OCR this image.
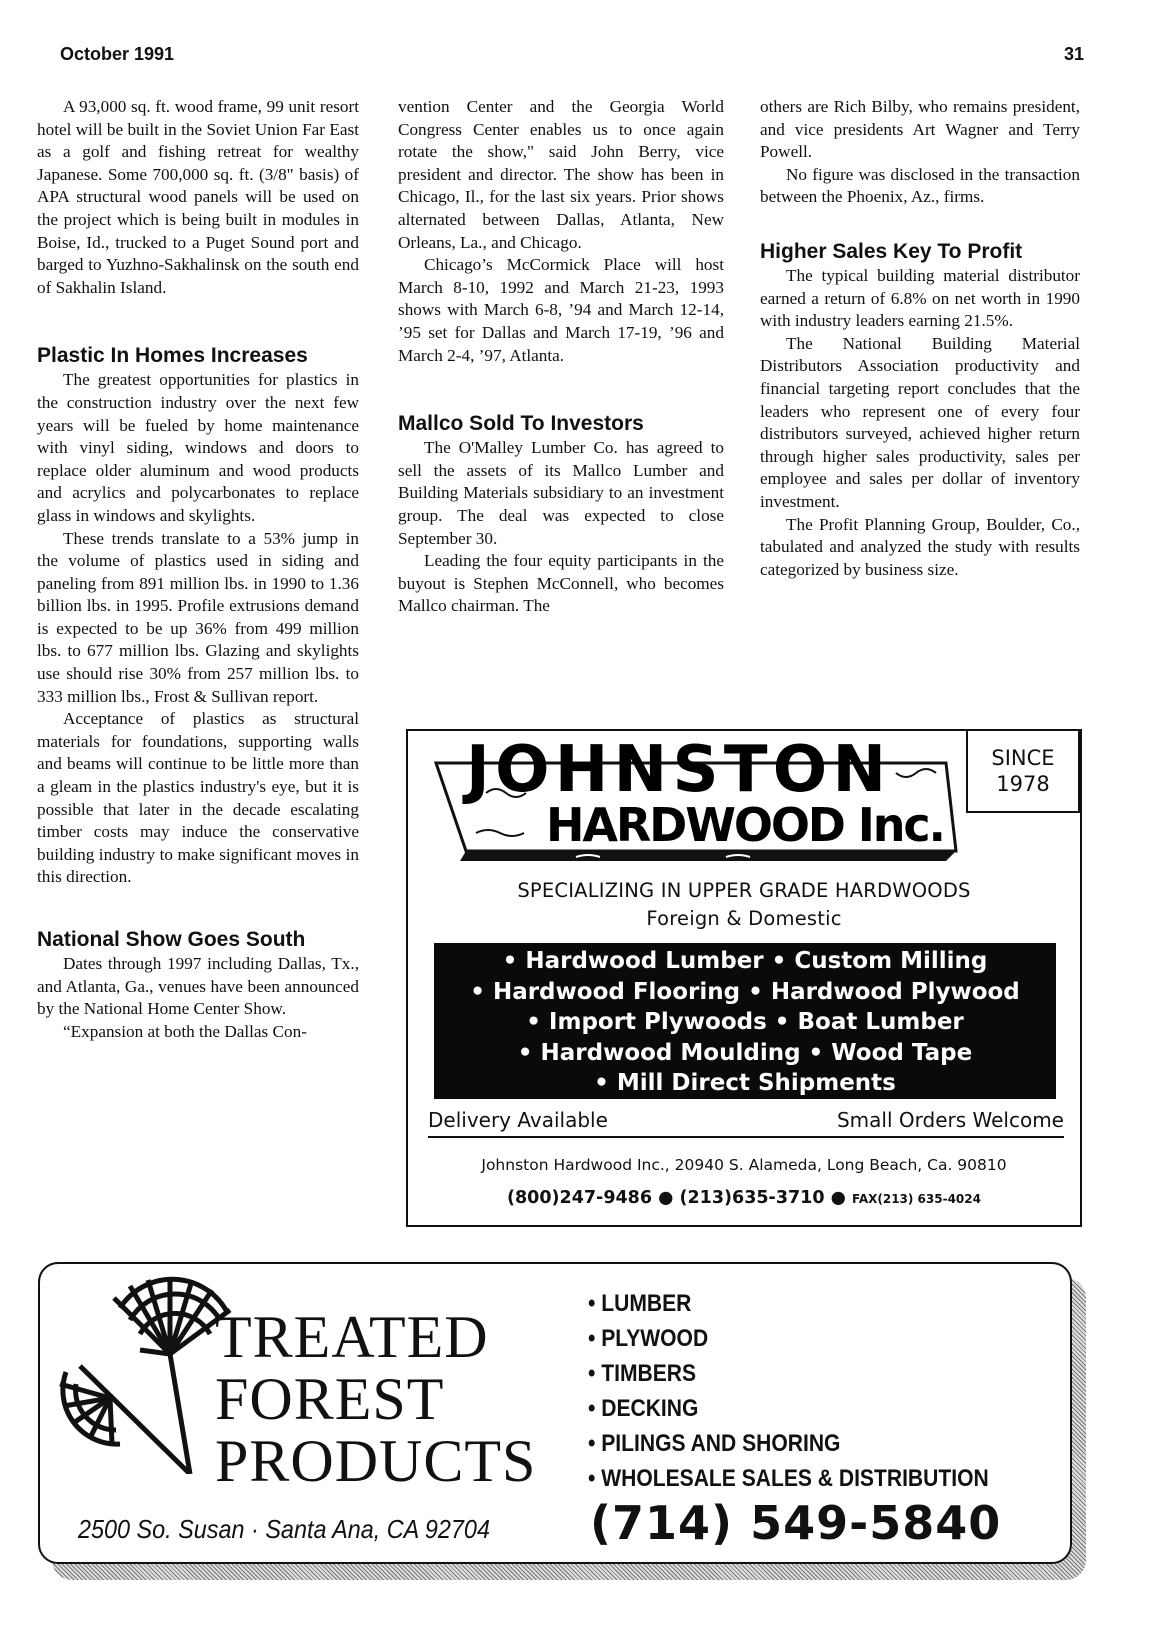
October 1991	31

A 93,000 sq. ft. wood frame, 99 unit resort hotel will be built in the Soviet Union Far East as a golf and fishing retreat for wealthy Japanese. Some 700,000 sq. ft. (3/8" basis) of APA structural wood panels will be used on the project which is being built in modules in Boise, Id., trucked to a Puget Sound port and barged to Yuzhno-Sakhalinsk on the south end of Sakhalin Island.

Plastic In Homes Increases

The greatest opportunities for plastics in the construction industry over the next few years will be fueled by home maintenance with vinyl siding, windows and doors to replace older aluminum and wood products and acrylics and polycarbonates to replace glass in windows and skylights.

These trends translate to a 53% jump in the volume of plastics used in siding and paneling from 891 million lbs. in 1990 to 1.36 billion lbs. in 1995. Profile extrusions demand is expected to be up 36% from 499 million lbs. to 677 million lbs. Glazing and skylights use should rise 30% from 257 million lbs. to 333 million lbs., Frost & Sullivan report.

Acceptance of plastics as structural materials for foundations, supporting walls and beams will continue to be little more than a gleam in the plastics industry's eye, but it is possible that later in the decade escalating timber costs may induce the conservative building industry to make significant moves in this direction.

National Show Goes South

Dates through 1997 including Dallas, Tx., and Atlanta, Ga., venues have been announced by the National Home Center Show.

“Expansion at both the Dallas Con-

vention Center and the Georgia World Congress Center enables us to once again rotate the show," said John Berry, vice president and director. The show has been in Chicago, Il., for the last six years. Prior shows alternated between Dallas, Atlanta, New Orleans, La., and Chicago.

Chicago’s McCormick Place will host March 8-10, 1992 and March 21-23, 1993 shows with March 6-8, ’94 and March 12-14, ’95 set for Dallas and March 17-19, ’96 and March 2-4, ’97, Atlanta.

Mallco Sold To Investors

The O'Malley Lumber Co. has agreed to sell the assets of its Mallco Lumber and Building Materials subsidiary to an investment group. The deal was expected to close September 30.

Leading the four equity participants in the buyout is Stephen McConnell, who becomes Mallco chairman. The

others are Rich Bilby, who remains president, and vice presidents Art Wagner and Terry Powell.

No figure was disclosed in the transaction between the Phoenix, Az., firms.

Higher Sales Key To Profit

The typical building material distributor earned a return of 6.8% on net worth in 1990 with industry leaders earning 21.5%.

The National Building Material Distributors Association productivity and financial targeting report concludes that the leaders who represent one of every four distributors surveyed, achieved higher return through higher sales productivity, sales per employee and sales per dollar of inventory investment.

The Profit Planning Group, Boulder, Co., tabulated and analyzed the study with results categorized by business size.

JOHNSTON
HARDWOOD Inc.
SINCE
1978
SPECIALIZING IN UPPER GRADE HARDWOODS
Foreign & Domestic
• Hardwood Lumber • Custom Milling
• Hardwood Flooring • Hardwood Plywood
• Import Plywoods • Boat Lumber
• Hardwood Moulding • Wood Tape
• Mill Direct Shipments
Delivery Available	Small Orders Welcome
Johnston Hardwood Inc., 20940 S. Alameda, Long Beach, Ca. 90810
(800)247-9486 ● (213)635-3710 ● FAX(213) 635-4024
TREATED
FOREST
PRODUCTS
• LUMBER
• PLYWOOD
• TIMBERS
• DECKING
• PILINGS AND SHORING
• WHOLESALE SALES & DISTRIBUTION
2500 So. Susan · Santa Ana, CA 92704 (714) 549-5840
